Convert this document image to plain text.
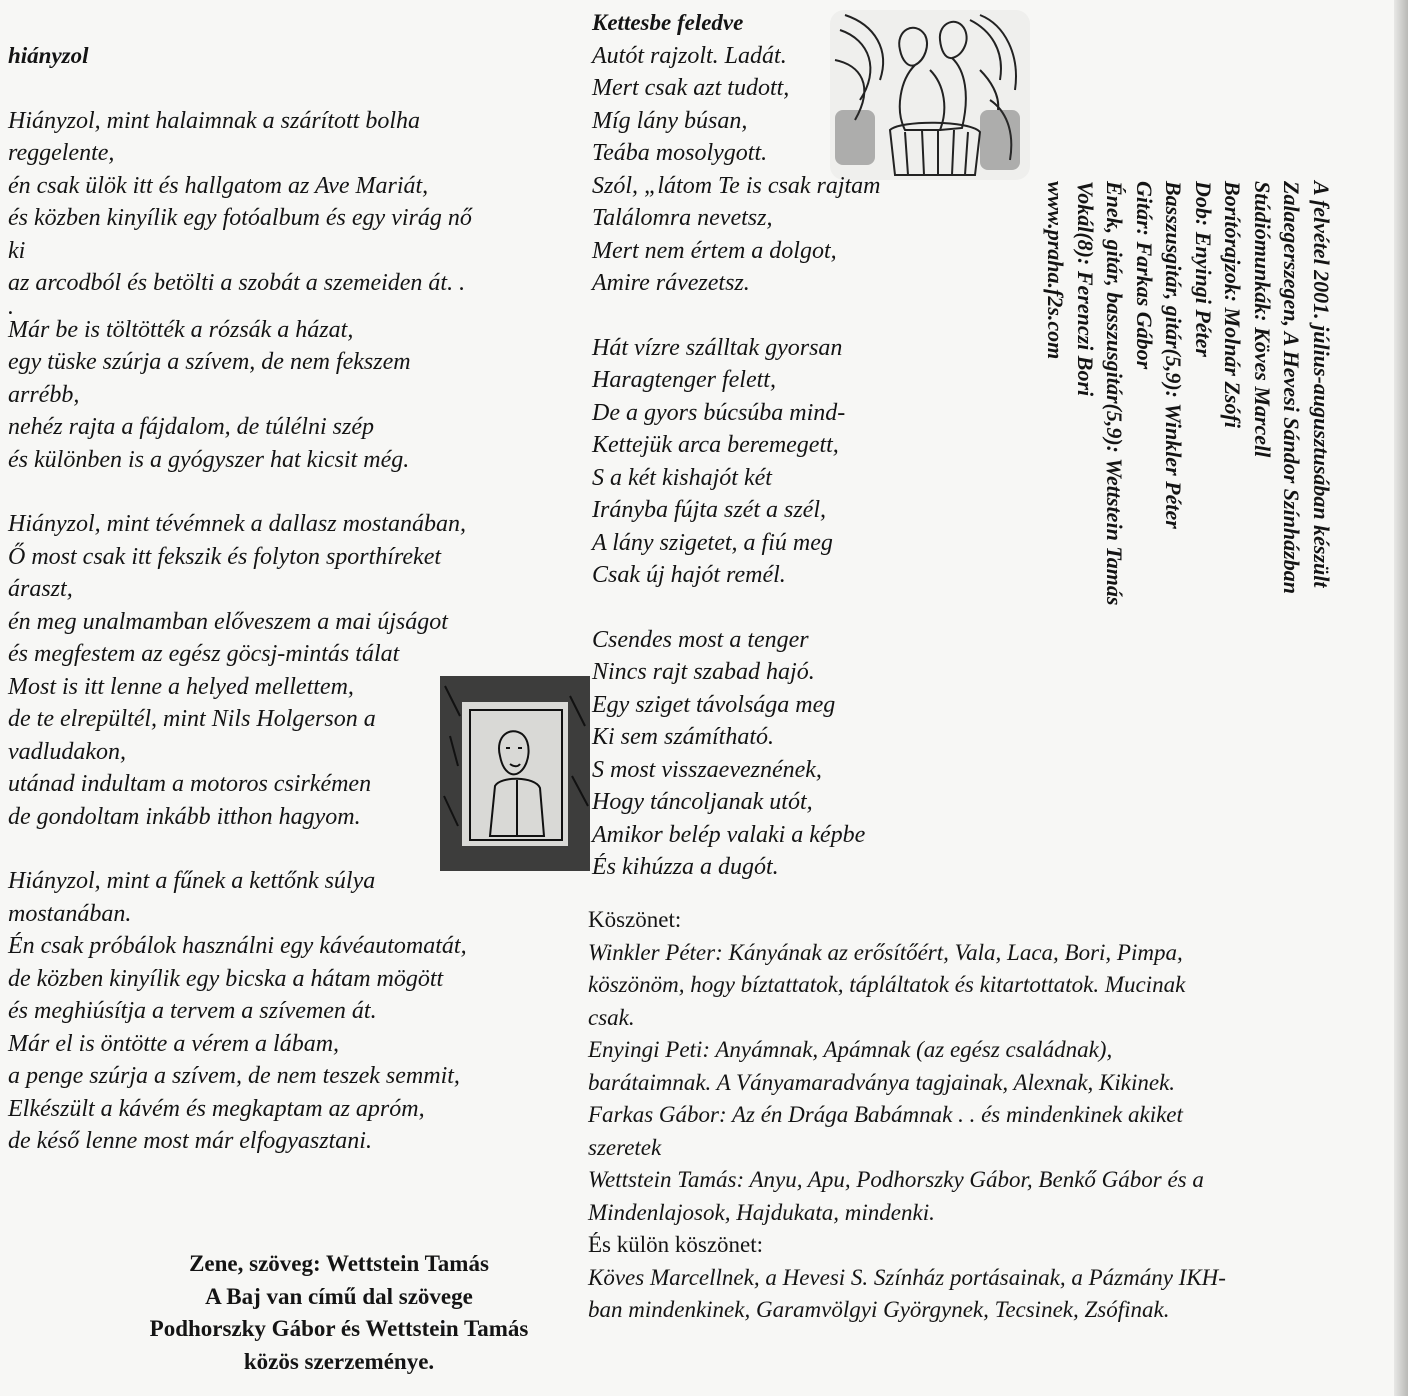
hiányzol
Hiányzol, mint halaimnak a szárított bolha
reggelente,
én csak ülök itt és hallgatom az Ave Mariát,
és közben kinyílik egy fotóalbum és egy virág nő
ki
az arcodból és betölti a szobát a szemeiden át. .
.
Már be is töltötték a rózsák a házat,
egy tüske szúrja a szívem, de nem fekszem
arrébb,
nehéz rajta a fájdalom, de túlélni szép
és különben is a gyógyszer hat kicsit még.
Hiányzol, mint tévémnek a dallasz mostanában,
Ő most csak itt fekszik és folyton sporthíreket
áraszt,
én meg unalmamban előveszem a mai újságot
és megfestem az egész göcsj-mintás tálat
Most is itt lenne a helyed mellettem,
de te elrepültél, mint Nils Holgerson a
vadludakon,
utánad indultam a motoros csirkémen
de gondoltam inkább itthon hagyom.
Hiányzol, mint a fűnek a kettőnk súlya
mostanában.
Én csak próbálok használni egy kávéautomatát,
de közben kinyílik egy bicska a hátam mögött
és meghiúsítja a tervem a szívemen át.
Már el is öntötte a vérem a lábam,
a penge szúrja a szívem, de nem teszek semmit,
Elkészült a kávém és megkaptam az apróm,
de késő lenne most már elfogyasztani.
Kettesbe feledve
Autót rajzolt. Ladát.
Mert csak azt tudott,
Míg lány búsan,
Teába mosolygott.
Szól, „látom Te is csak rajtam
Találomra nevetsz,
Mert nem értem a dolgot,
Amire rávezetsz.
Hát vízre szálltak gyorsan
Haragtenger felett,
De a gyors búcsúba mind-
Kettejük arca beremegett,
S a két kishajót két
Irányba fújta szét a szél,
A lány szigetet, a fiú meg
Csak új hajót remél.
Csendes most a tenger
Nincs rajt szabad hajó.
Egy sziget távolsága meg
Ki sem számítható.
S most visszaeveznének,
Hogy táncoljanak utót,
Amikor belép valaki a képbe
És kihúzza a dugót.
Köszönet:
Winkler Péter: Kányának az erősítőért, Vala, Laca, Bori, Pimpa,
köszönöm, hogy bíztattatok, tápláltatok és kitartottatok. Mucinak
csak.
Enyingi Peti: Anyámnak, Apámnak (az egész családnak),
barátaimnak. A Ványamaradványa tagjainak, Alexnak, Kikinek.
Farkas Gábor: Az én Drága Babámnak . . és mindenkinek akiket
szeretek
Wettstein Tamás: Anyu, Apu, Podhorszky Gábor, Benkő Gábor és a
Mindenlajosok, Hajdukata, mindenki.
És külön köszönet:
Köves Marcellnek, a Hevesi S. Színház portásainak, a Pázmány IKH-
ban mindenkinek, Garamvölgyi Györgynek, Tecsinek, Zsófinak.
Zene, szöveg: Wettstein Tamás
A Baj van című dal szövege
Podhorszky Gábor és Wettstein Tamás
közös szerzeménye.
A felvétel 2001. július-augusztusában készült
Zalaegerszegen, A Hevesi Sándor Színházban
Stúdiómunkák: Köves Marcell
Borítórajzok: Molnár Zsófi
Dob: Enyingi Péter
Basszusgitár, gitár(5,9): Winkler Péter
Gitár: Farkas Gábor
Ének, gitár, basszusgitár(5,9): Wettstein Tamás
Vokál(8): Ferenczi Bori
www.praha.f2s.com
